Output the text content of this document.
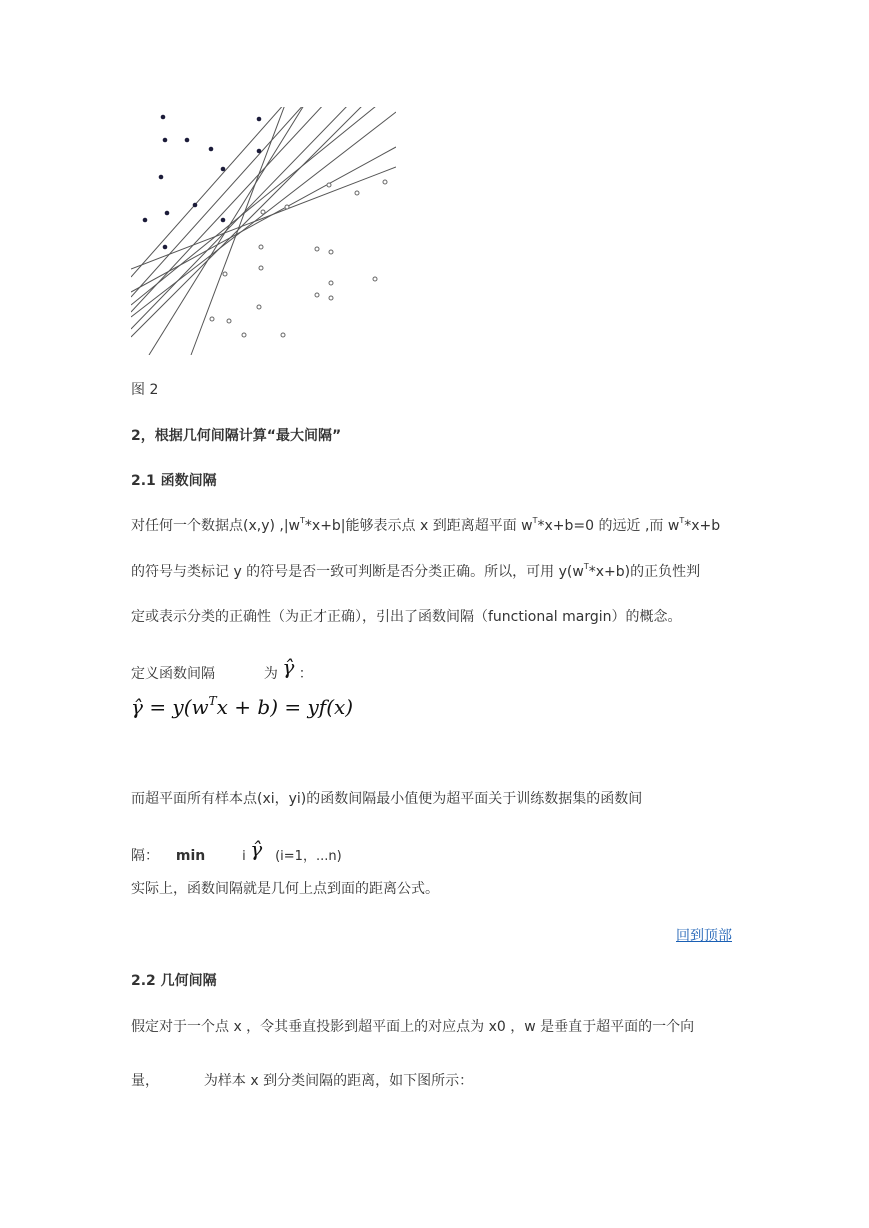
图 2
2，根据几何间隔计算“最大间隔”
2.1 函数间隔
对任何一个数据点(x,y) $,|w^T*x+b|$能够表示点 x 到距离超平面 $w^T*x+b=0$ 的远近 ,而 $w^T*x+b$
的符号与类标记 y 的符号是否一致可判断是否分类正确。所以，可用 $y(w^T*x+b)$的正负性判
定或表示分类的正确性（为正才正确），引出了函数间隔（functional margin）的概念。
定义函数间隔	为 γ̂ ：
γ̂ = $y(w^Tx + b) = yf(x)$
而超平面所有样本点(xi，yi)的函数间隔最小值便为超平面关于训练数据集的函数间
隔： min	i γ̂ (i=1，...n)
实际上，函数间隔就是几何上点到面的距离公式。
回到顶部
2.2 几何间隔
假定对于一个点 x ，令其垂直投影到超平面上的对应点为 x0 ，w 是垂直于超平面的一个向
量，	为样本 x 到分类间隔的距离，如下图所示：
